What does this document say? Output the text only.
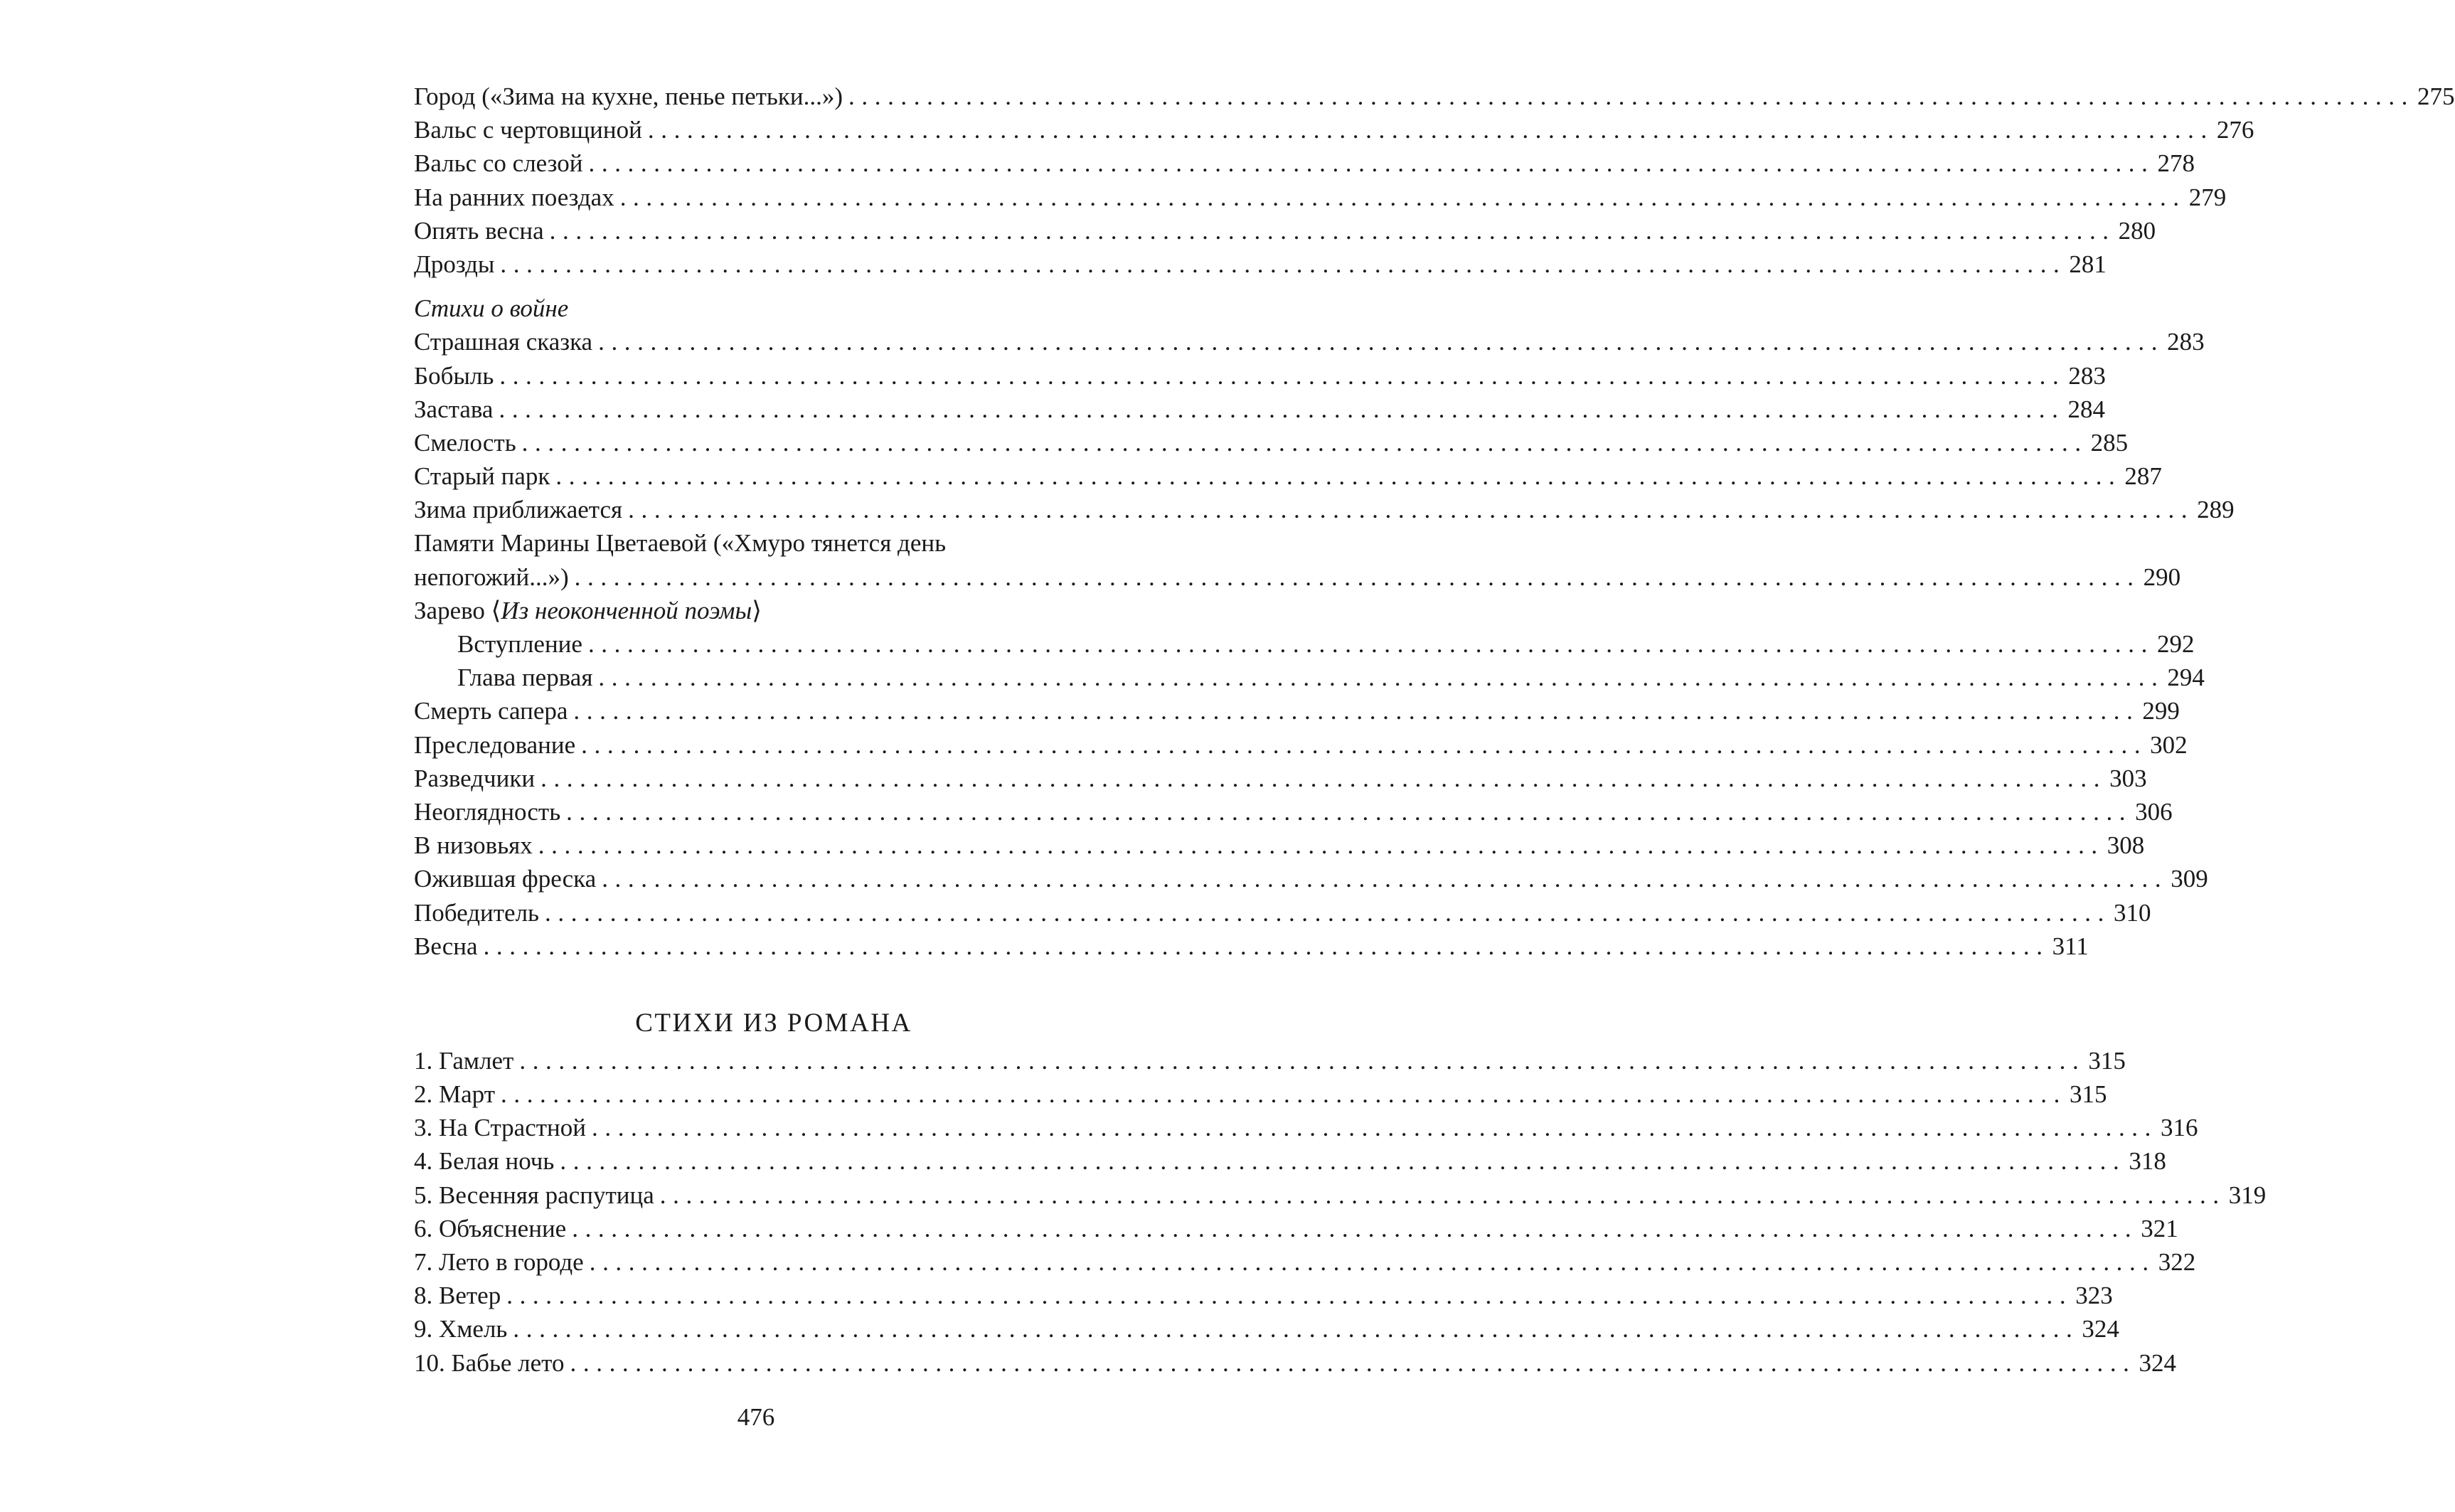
Город («Зима на кухне, пенье петьки...») ........................................................................................................................ 275
Вальс с чертовщиной ........................................................................................................................ 276
Вальс со слезой ........................................................................................................................ 278
На ранних поездах ........................................................................................................................ 279
Опять весна ........................................................................................................................ 280
Дрозды ........................................................................................................................ 281
Стихи о войне
Страшная сказка ........................................................................................................................ 283
Бобыль ........................................................................................................................ 283
Застава ........................................................................................................................ 284
Смелость ........................................................................................................................ 285
Старый парк ........................................................................................................................ 287
Зима приближается ........................................................................................................................ 289
Памяти Марины Цветаевой («Хмуро тянется день
непогожий...») ........................................................................................................................ 290
Зарево ⟨Из неоконченной поэмы⟩
Вступление ........................................................................................................................ 292
Глава первая ........................................................................................................................ 294
Смерть сапера ........................................................................................................................ 299
Преследование ........................................................................................................................ 302
Разведчики ........................................................................................................................ 303
Неоглядность ........................................................................................................................ 306
В низовьях ........................................................................................................................ 308
Ожившая фреска ........................................................................................................................ 309
Победитель ........................................................................................................................ 310
Весна ........................................................................................................................ 311
СТИХИ ИЗ РОМАНА
1. Гамлет ........................................................................................................................ 315
2. Март ........................................................................................................................ 315
3. На Страстной ........................................................................................................................ 316
4. Белая ночь ........................................................................................................................ 318
5. Весенняя распутица ........................................................................................................................ 319
6. Объяснение ........................................................................................................................ 321
7. Лето в городе ........................................................................................................................ 322
8. Ветер ........................................................................................................................ 323
9. Хмель ........................................................................................................................ 324
10. Бабье лето ........................................................................................................................ 324
476
